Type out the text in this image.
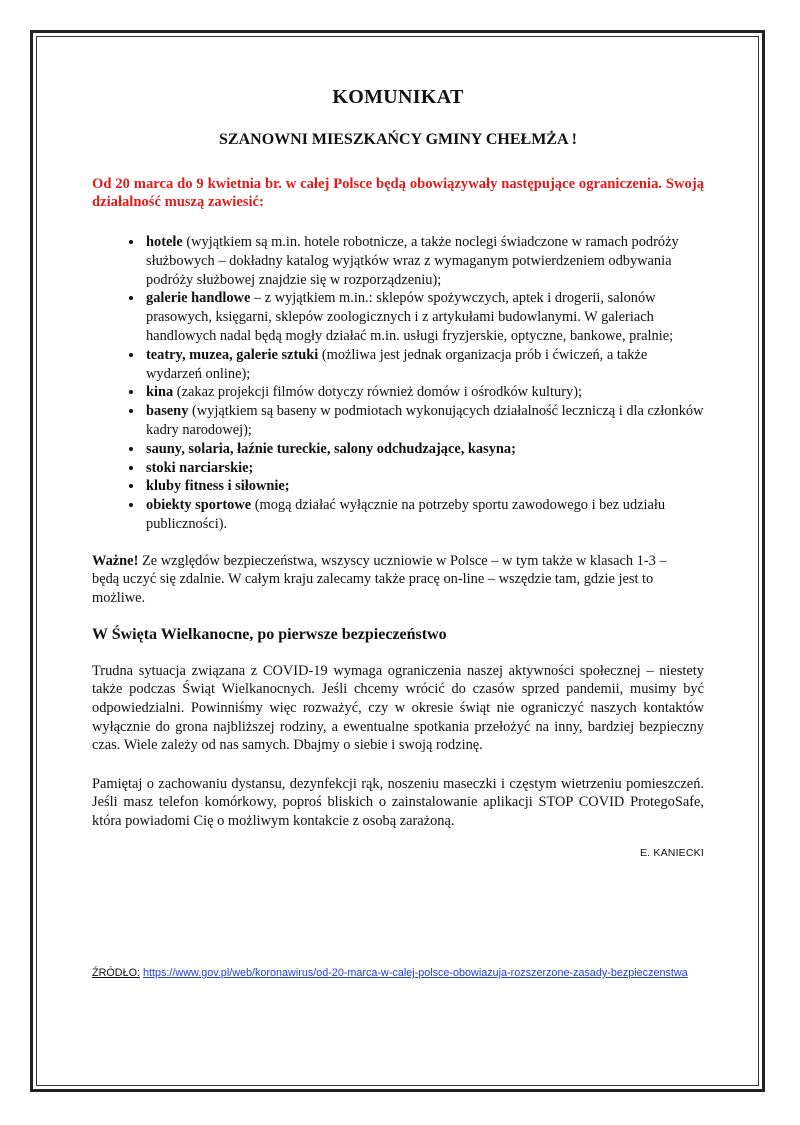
KOMUNIKAT
SZANOWNI MIESZKAŃCY GMINY CHEŁMŻA !

Od 20 marca do 9 kwietnia br. w całej Polsce będą obowiązywały następujące ograniczenia. Swoją działalność muszą zawiesić:

• hotele (wyjątkiem są m.in. hotele robotnicze, a także noclegi świadczone w ramach podróży służbowych – dokładny katalog wyjątków wraz z wymaganym potwierdzeniem odbywania podróży służbowej znajdzie się w rozporządzeniu);
• galerie handlowe – z wyjątkiem m.in.: sklepów spożywczych, aptek i drogerii, salonów prasowych, księgarni, sklepów zoologicznych i z artykułami budowlanymi. W galeriach handlowych nadal będą mogły działać m.in. usługi fryzjerskie, optyczne, bankowe, pralnie;
• teatry, muzea, galerie sztuki (możliwa jest jednak organizacja prób i ćwiczeń, a także wydarzeń online);
• kina (zakaz projekcji filmów dotyczy również domów i ośrodków kultury);
• baseny (wyjątkiem są baseny w podmiotach wykonujących działalność leczniczą i dla członków kadry narodowej);
• sauny, solaria, łaźnie tureckie, salony odchudzające, kasyna;
• stoki narciarskie;
• kluby fitness i siłownie;
• obiekty sportowe (mogą działać wyłącznie na potrzeby sportu zawodowego i bez udziału publiczności).

Ważne! Ze względów bezpieczeństwa, wszyscy uczniowie w Polsce – w tym także w klasach 1-3 – będą uczyć się zdalnie. W całym kraju zalecamy także pracę on-line – wszędzie tam, gdzie jest to możliwe.

W Święta Wielkanocne, po pierwsze bezpieczeństwo

Trudna sytuacja związana z COVID-19 wymaga ograniczenia naszej aktywności społecznej – niestety także podczas Świąt Wielkanocnych. Jeśli chcemy wrócić do czasów sprzed pandemii, musimy być odpowiedzialni. Powinniśmy więc rozważyć, czy w okresie świąt nie ograniczyć naszych kontaktów wyłącznie do grona najbliższej rodziny, a ewentualne spotkania przełożyć na inny, bardziej bezpieczny czas. Wiele zależy od nas samych. Dbajmy o siebie i swoją rodzinę.

Pamiętaj o zachowaniu dystansu, dezynfekcji rąk, noszeniu maseczki i częstym wietrzeniu pomieszczeń. Jeśli masz telefon komórkowy, poproś bliskich o zainstalowanie aplikacji STOP COVID ProtegoSafe, która powiadomi Cię o możliwym kontakcie z osobą zarażoną.

E. KANIECKI

ŹRÓDŁO: https://www.gov.pl/web/koronawirus/od-20-marca-w-calej-polsce-obowiazuja-rozszerzone-zasady-bezpieczenstwa
